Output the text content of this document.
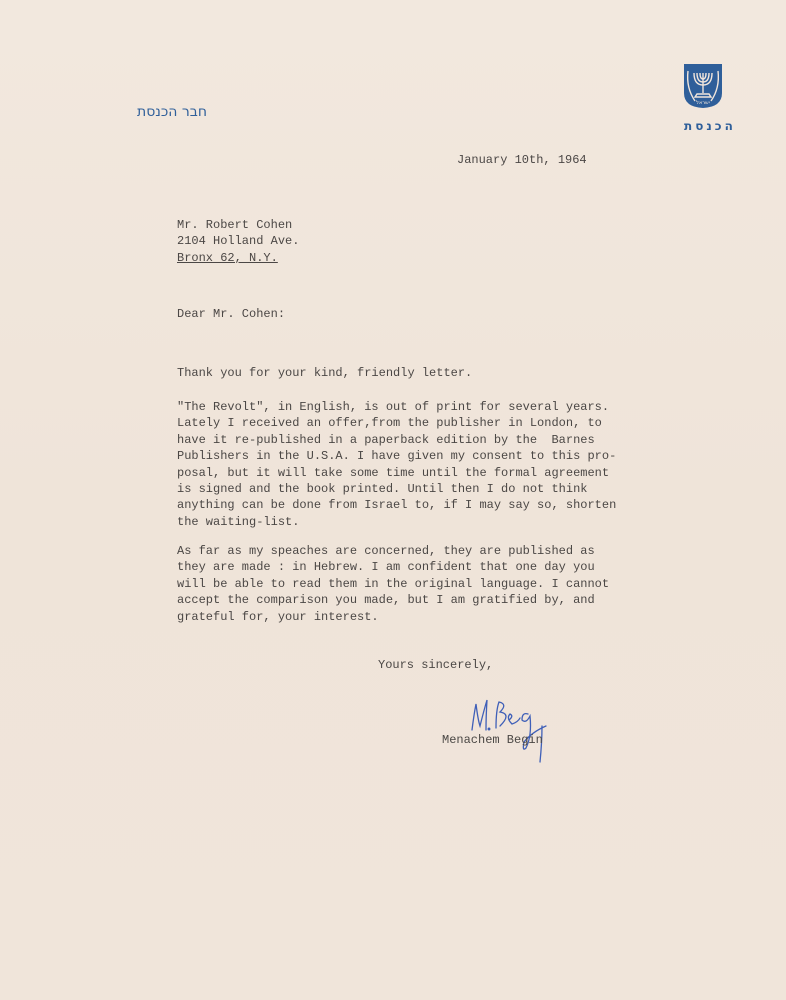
חבר הכנסת
ישראל
הכנסת
January 10th, 1964
Mr. Robert Cohen
2104 Holland Ave.
Bronx 62, N.Y.
Dear Mr. Cohen:
Thank you for your kind, friendly letter.
"The Revolt", in English, is out of print for several years.
Lately I received an offer,from the publisher in London, to
have it re-published in a paperback edition by the  Barnes
Publishers in the U.S.A. I have given my consent to this pro-
posal, but it will take some time until the formal agreement
is signed and the book printed. Until then I do not think
anything can be done from Israel to, if I may say so, shorten
the waiting-list.
As far as my speaches are concerned, they are published as
they are made : in Hebrew. I am confident that one day you
will be able to read them in the original language. I cannot
accept the comparison you made, but I am gratified by, and
grateful for, your interest.
Yours sincerely,
Menachem Begin
